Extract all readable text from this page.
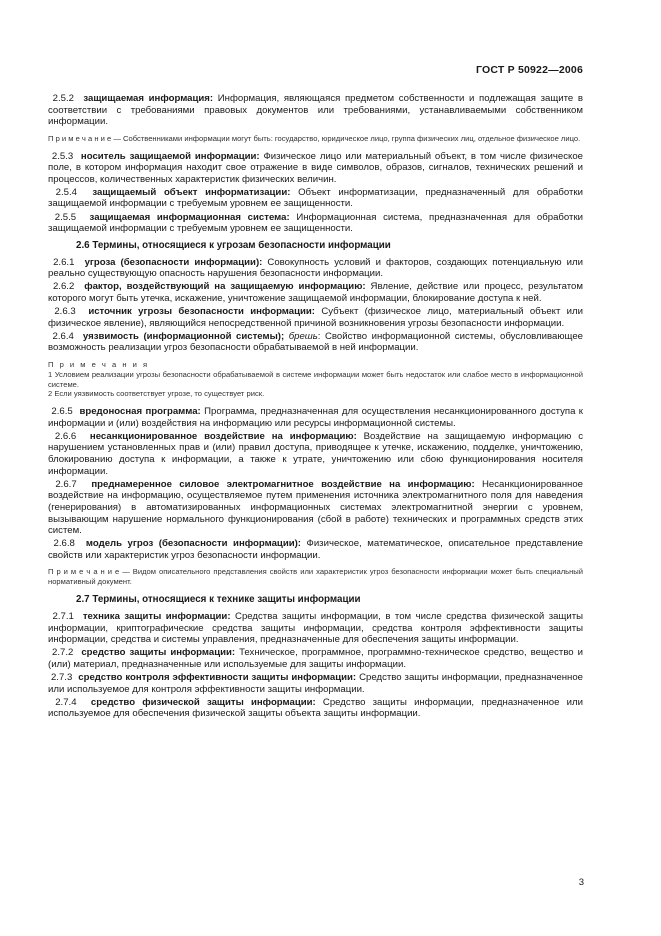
ГОСТ Р 50922—2006

2.5.2 защищаемая информация: Информация, являющаяся предметом собственности и подлежащая защите в соответствии с требованиями правовых документов или требованиями, устанавливаемыми собственником информации.

П р и м е ч а н и е — Собственниками информации могут быть: государство, юридическое лицо, группа физических лиц, отдельное физическое лицо.

2.5.3 носитель защищаемой информации: Физическое лицо или материальный объект, в том числе физическое поле, в котором информация находит свое отражение в виде символов, образов, сигналов, технических решений и процессов, количественных характеристик физических величин.

2.5.4 защищаемый объект информатизации: Объект информатизации, предназначенный для обработки защищаемой информации с требуемым уровнем ее защищенности.

2.5.5 защищаемая информационная система: Информационная система, предназначенная для обработки защищаемой информации с требуемым уровнем ее защищенности.

2.6 Термины, относящиеся к угрозам безопасности информации

2.6.1 угроза (безопасности информации): Совокупность условий и факторов, создающих потенциальную или реально существующую опасность нарушения безопасности информации.

2.6.2 фактор, воздействующий на защищаемую информацию: Явление, действие или процесс, результатом которого могут быть утечка, искажение, уничтожение защищаемой информации, блокирование доступа к ней.

2.6.3 источник угрозы безопасности информации: Субъект (физическое лицо, материальный объект или физическое явление), являющийся непосредственной причиной возникновения угрозы безопасности информации.

2.6.4 уязвимость (информационной системы); брешь: Свойство информационной системы, обусловливающее возможность реализации угроз безопасности обрабатываемой в ней информации.

П р и м е ч а н и я

1 Условием реализации угрозы безопасности обрабатываемой в системе информации может быть недостаток или слабое место в информационной системе.

2 Если уязвимость соответствует угрозе, то существует риск.

2.6.5 вредоносная программа: Программа, предназначенная для осуществления несанкционированного доступа к информации и (или) воздействия на информацию или ресурсы информационной системы.

2.6.6 несанкционированное воздействие на информацию: Воздействие на защищаемую информацию с нарушением установленных прав и (или) правил доступа, приводящее к утечке, искажению, подделке, уничтожению, блокированию доступа к информации, а также к утрате, уничтожению или сбою функционирования носителя информации.

2.6.7 преднамеренное силовое электромагнитное воздействие на информацию: Несанкционированное воздействие на информацию, осуществляемое путем применения источника электромагнитного поля для наведения (генерирования) в автоматизированных информационных системах электромагнитной энергии с уровнем, вызывающим нарушение нормального функционирования (сбой в работе) технических и программных средств этих систем.

2.6.8 модель угроз (безопасности информации): Физическое, математическое, описательное представление свойств или характеристик угроз безопасности информации.

П р и м е ч а н и е — Видом описательного представления свойств или характеристик угроз безопасности информации может быть специальный нормативный документ.

2.7 Термины, относящиеся к технике защиты информации

2.7.1 техника защиты информации: Средства защиты информации, в том числе средства физической защиты информации, криптографические средства защиты информации, средства контроля эффективности защиты информации, средства и системы управления, предназначенные для обеспечения защиты информации.

2.7.2 средство защиты информации: Техническое, программное, программно-техническое средство, вещество и (или) материал, предназначенные или используемые для защиты информации.

2.7.3 средство контроля эффективности защиты информации: Средство защиты информации, предназначенное или используемое для контроля эффективности защиты информации.

2.7.4 средство физической защиты информации: Средство защиты информации, предназначенное или используемое для обеспечения физической защиты объекта защиты информации.

3
